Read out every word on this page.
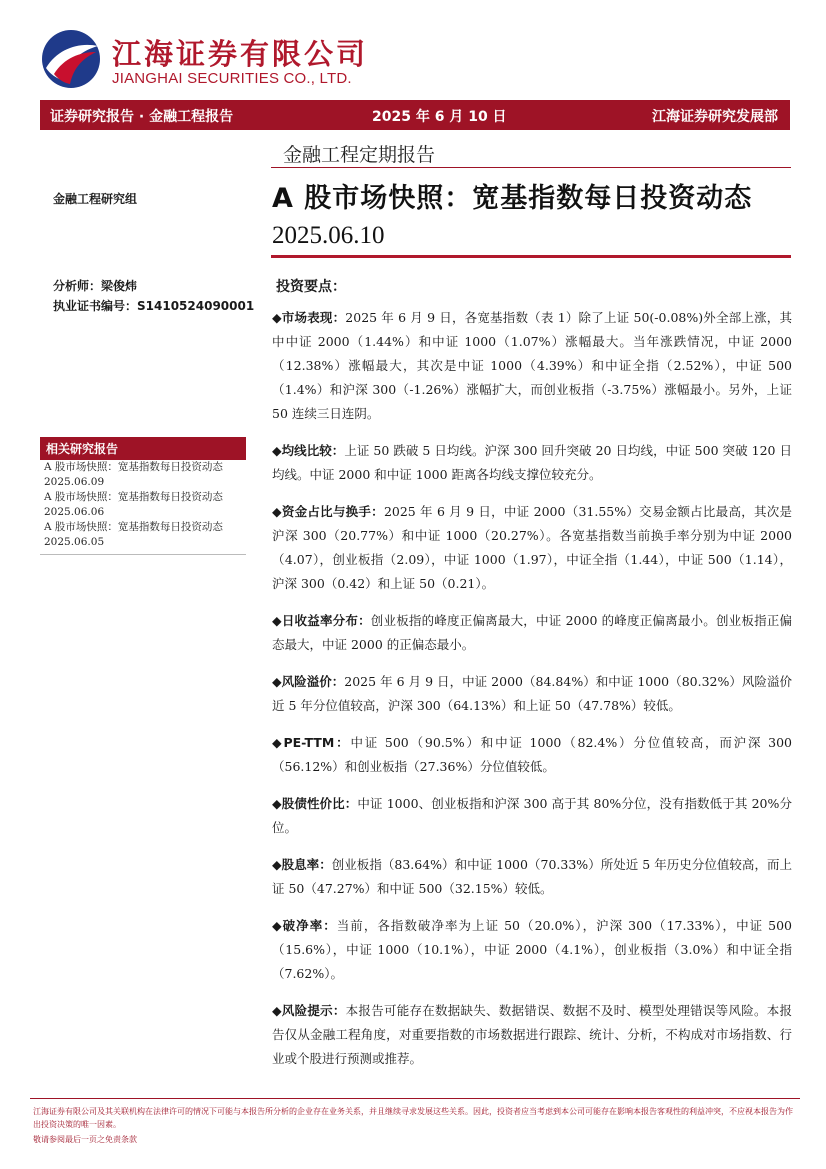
江海证券有限公司
JIANGHAI SECURITIES CO., LTD.
证券研究报告 · 金融工程报告	2025 年 6 月 10 日	江海证券研究发展部
金融工程定期报告
A 股市场快照：宽基指数每日投资动态
2025.06.10
金融工程研究组
分析师：梁俊炜
执业证书编号：S1410524090001
相关研究报告
A 股市场快照：宽基指数每日投资动态 2025.06.09
A 股市场快照：宽基指数每日投资动态 2025.06.06
A 股市场快照：宽基指数每日投资动态 2025.06.05
投资要点：

◆市场表现：2025 年 6 月 9 日，各宽基指数（表 1）除了上证 50(-0.08%)外全部上涨，其中中证 2000（1.44%）和中证 1000（1.07%）涨幅最大。当年涨跌情况，中证 2000（12.38%）涨幅最大，其次是中证 1000（4.39%）和中证全指（2.52%），中证 500（1.4%）和沪深 300（-1.26%）涨幅扩大，而创业板指（-3.75%）涨幅最小。另外，上证 50 连续三日连阴。

◆均线比较：上证 50 跌破 5 日均线。沪深 300 回升突破 20 日均线，中证 500 突破 120 日均线。中证 2000 和中证 1000 距离各均线支撑位较充分。

◆资金占比与换手：2025 年 6 月 9 日，中证 2000（31.55%）交易金额占比最高，其次是沪深 300（20.77%）和中证 1000（20.27%）。各宽基指数当前换手率分别为中证 2000（4.07），创业板指（2.09），中证 1000（1.97），中证全指（1.44），中证 500（1.14），沪深 300（0.42）和上证 50（0.21）。

◆日收益率分布：创业板指的峰度正偏离最大，中证 2000 的峰度正偏离最小。创业板指正偏态最大，中证 2000 的正偏态最小。

◆风险溢价：2025 年 6 月 9 日，中证 2000（84.84%）和中证 1000（80.32%）风险溢价近 5 年分位值较高，沪深 300（64.13%）和上证 50（47.78%）较低。

◆PE-TTM：中证 500（90.5%）和中证 1000（82.4%）分位值较高，而沪深 300（56.12%）和创业板指（27.36%）分位值较低。

◆股债性价比：中证 1000、创业板指和沪深 300 高于其 80%分位，没有指数低于其 20%分位。

◆股息率：创业板指（83.64%）和中证 1000（70.33%）所处近 5 年历史分位值较高，而上证 50（47.27%）和中证 500（32.15%）较低。

◆破净率：当前，各指数破净率为上证 50（20.0%），沪深 300（17.33%），中证 500（15.6%），中证 1000（10.1%），中证 2000（4.1%），创业板指（3.0%）和中证全指（7.62%）。

◆风险提示：本报告可能存在数据缺失、数据错误、数据不及时、模型处理错误等风险。本报告仅从金融工程角度，对重要指数的市场数据进行跟踪、统计、分析，不构成对市场指数、行业或个股进行预测或推荐。

江海证券有限公司及其关联机构在法律许可的情况下可能与本报告所分析的企业存在业务关系，并且继续寻求发展这些关系。因此，投资者应当考虑到本公司可能存在影响本报告客观性的利益冲突，不应视本报告为作出投资决策的唯一因素。
敬请参阅最后一页之免责条款
